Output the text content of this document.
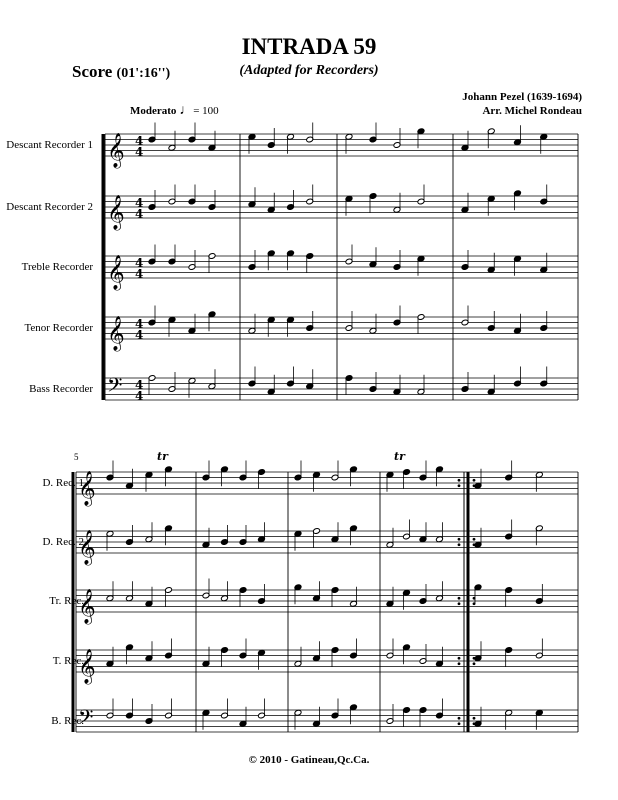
INTRADA 59
(Adapted for Recorders)
Score (01':16'')
Johann Pezel (1639-1694)
Arr. Michel Rondeau
Moderato ♩= 100
Descant Recorder 1
Descant Recorder 2
Treble Recorder
Tenor Recorder
Bass Recorder
D. Rec. 1
D. Rec. 2
Tr. Rec.
T. Rec.
B. Rec.
5
𝄞 4
4
𝄞 4
4
𝄞 4
4
𝄞 4
4
𝄢 4
4
𝄞
𝄞
𝄞
𝄞
𝄢
tr	tr
© 2010 - Gatineau,Qc.Ca.
